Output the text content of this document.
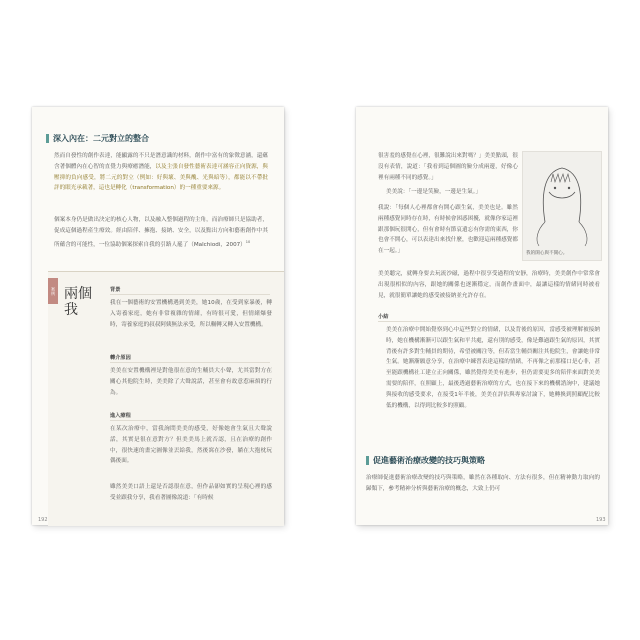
深入內在：二元對立的整合
然而自發性的創作表達，能顯露的不只是潛意識的材料，創作中富有的象徵意涵，還蘊含著個體內在心智的直覺力與療癒潛能，以及主張自發性藝術表達可涵容正向資源，與壓抑的負向感受，將二元的對立（例如：好與壞、美與醜、光與暗等），都能以不帶批評的眼光承載著，這也是轉化（transformation）的一種重要來源。
個案本身仍是做出決定的核心人物，以及融入整個過程的主角，而治療師只是協助者，促成這個過程產生療效。經由陪伴、擁抱、接納、安全，以及點出方向和藝術創作中其所蘊含的可能性，一位協助個案探索自我的引路人罷了（Malchiodi，2007）$^{10}$
案例 兩個我
背景
我在一個藝術的安置機構遇到美美，她10歲，在受到家暴後，轉入寄養家庭，她有非常複雜的情緒，有時很可愛，但情緒爆發時，寄養家庭的叔叔阿姨無法承受，所以輾轉又轉入安置機構。
轉介原因
美美在安置機構裡是對他很在意的生輔員大小聲，尤其當對方在關心其他院生時，美美除了大聲說話，甚至會有故意惹麻煩的行為。
進入療程
在某次治療中，當我詢問美美的感受，好像她會生氣且大聲說話，其實是很在意對方？但美美馬上就否認，且在治療的創作中，很快速的畫完圖像並丟給我，然後窩在沙發，躺在大抱枕玩偶後面。
雖然美美口語上還是否認很在意，但作品卻如實的呈現心裡的感受並跟我分享，我看著圖像說道：「有時候
192
很害羞的感覺在心裡，很難說出來對嗎？」美美點頭，很沒有表情，說道：「我看到這個圖的臉分成兩邊，好像心裡有兩種不同的感覺。」
美美說：「一邊是笑臉，一邊是生氣。」
我說：「每個人心裡都會有開心跟生氣，美美也是。雖然兩種感覺同時存在時，有時候會困惑困擾，就像你家這裡跟那個玩很開心，但有會時有節哀遺忘有你需的東西，你也會不開心，可以表達出來找什麼，也歡迎這兩種感覺都在一起。」
美美聽完，就轉身要去玩流沙磁，過程中很享受過程的安靜，治療時，美美創作中常常會出現很相似的內容，跟她的關係也逐漸穩定，而創作畫面中，最讓這樣的情緒同時被看見，就很簡單讓她的感受被接納並允許存在。
我的開心與不開心。
小結
美美在治療中開始覺察到心中這些對立的情緒，以及背後的原因，當感受被理解被接納時，她在機構漸漸可以跟生氣和平共處，還有別的感受，像是難過跟生氣的原因，其實背後有許多對生輔員的期待，希望被關注等，但若當生輔員關注其他院生，會讓她非常生氣。她漸漸願意分享，在治療中練習表達這樣的情緒，不再像之前那樣口是心非，甚至能跟機構社工建立正向關係，雖然覺得美美有進步，但仍需要更多的陪伴來面對美美需要的陪伴，在照顧上，最後透過藝術治療的方式，也在接下來的機構諮詢中，建議她與接收的感受要求，在接受1年半後，美美在評估與專家討論下，她轉換到照顧配比較低的機構，以得到比較多的照顧。
促進藝術治療改變的技巧與策略
治療師促進藝術治療改變的技巧與策略，雖然在各種取向、方法有很多，但在精神動力取向的歸類下，參考精神分析與藝術治療的概念，大致上仍可
193
